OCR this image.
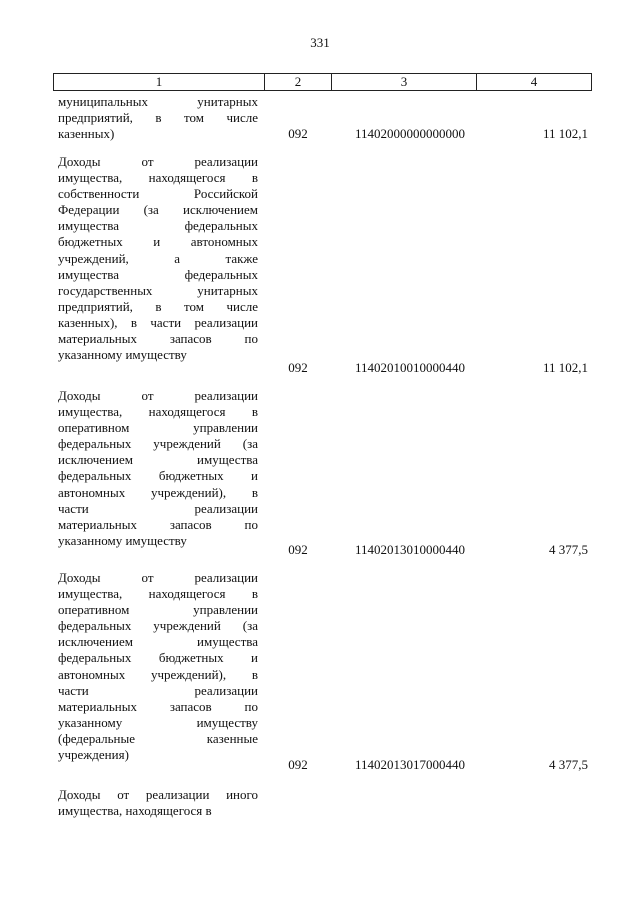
331
1	2	3	4
муниципальных унитарных
предприятий, в том числе
казенных)	092	11402000000000000	11 102,1
Доходы от реализации
имущества, находящегося в
собственности Российской
Федерации (за исключением
имущества федеральных
бюджетных и автономных
учреждений, а также
имущества федеральных
государственных унитарных
предприятий, в том числе
казенных), в части реализации
материальных запасов по
указанному имуществу
092	11402010010000440	11 102,1
Доходы от реализации
имущества, находящегося в
оперативном управлении
федеральных учреждений (за
исключением имущества
федеральных бюджетных и
автономных учреждений), в
части реализации
материальных запасов по
указанному имуществу
092	11402013010000440	4 377,5
Доходы от реализации
имущества, находящегося в
оперативном управлении
федеральных учреждений (за
исключением имущества
федеральных бюджетных и
автономных учреждений), в
части реализации
материальных запасов по
указанному имуществу
(федеральные казенные
учреждения)
092	11402013017000440	4 377,5
Доходы от реализации иного
имущества, находящегося в
